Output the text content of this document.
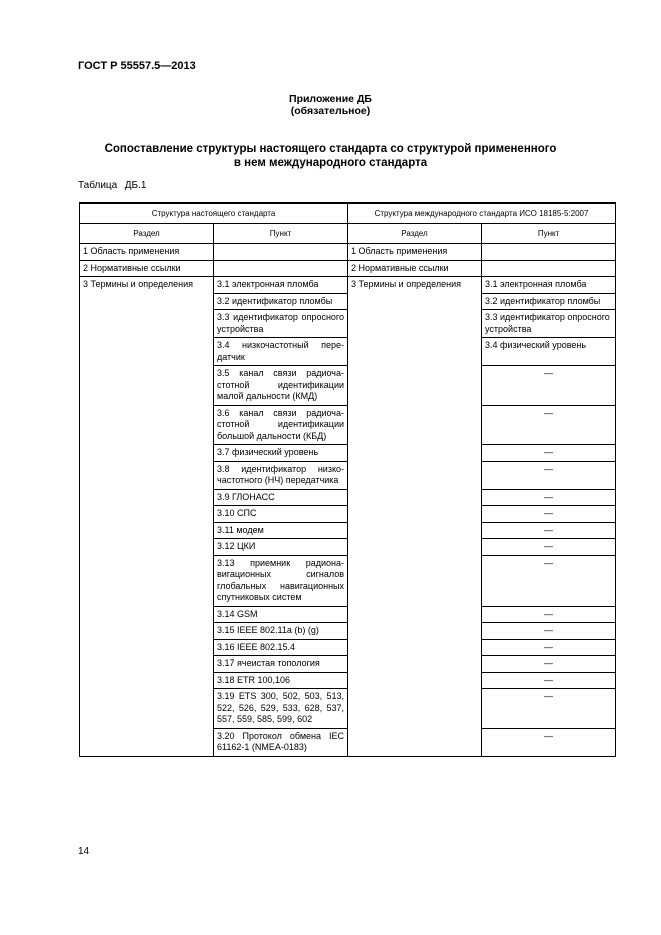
ГОСТ Р 55557.5—2013
Приложение ДБ
(обязательное)
Сопоставление структуры настоящего стандарта со структурой примененного
в нем международного стандарта
Таблица ДБ.1
Структура настоящего стандарта		Структура международного стандарта ИСО 18185-5:2007	
Раздел	Пункт	Раздел	Пункт
1 Область применения		1 Область применения	
2 Нормативные ссылки		2 Нормативные ссылки	
3 Термины и определения	3.1 электронная пломба	3 Термины и определения	3.1 электронная пломба
	3.2 идентификатор пломбы		3.2 идентификатор пломбы
	3.3 идентификатор опросного устройства		3.3 идентификатор опросного устройства
	3.4 низкочастотный передатчик		3.4 физический уровень
	3.5 канал связи радиочастотной идентификации малой дальности (КМД)		—
	3.6 канал связи радиочастотной идентификации большой дальности (КБД)		—
	3.7 физический уровень		—
	3.8 идентификатор низкочастотного (НЧ) передатчика		—
	3.9 ГЛОНАСС		—
	3.10 СПС		—
	3.11 модем		—
	3.12 ЦКИ		—
	3.13 приемник радионавигационных сигналов глобальных навигационных спутниковых систем		—
	3.14 GSM		—
	3.15 IEEE 802.11a (b) (g)		—
	3.16 IEEE 802.15.4		—
	3.17 ячеистая топология		—
	3.18 ETR 100,106		—
	3.19 ETS 300, 502, 503, 513, 522, 526, 529, 533, 628, 537, 557, 559, 585, 599, 602		—
	3.20 Протокол обмена IEC 61162-1 (NMEA-0183)		—
14
